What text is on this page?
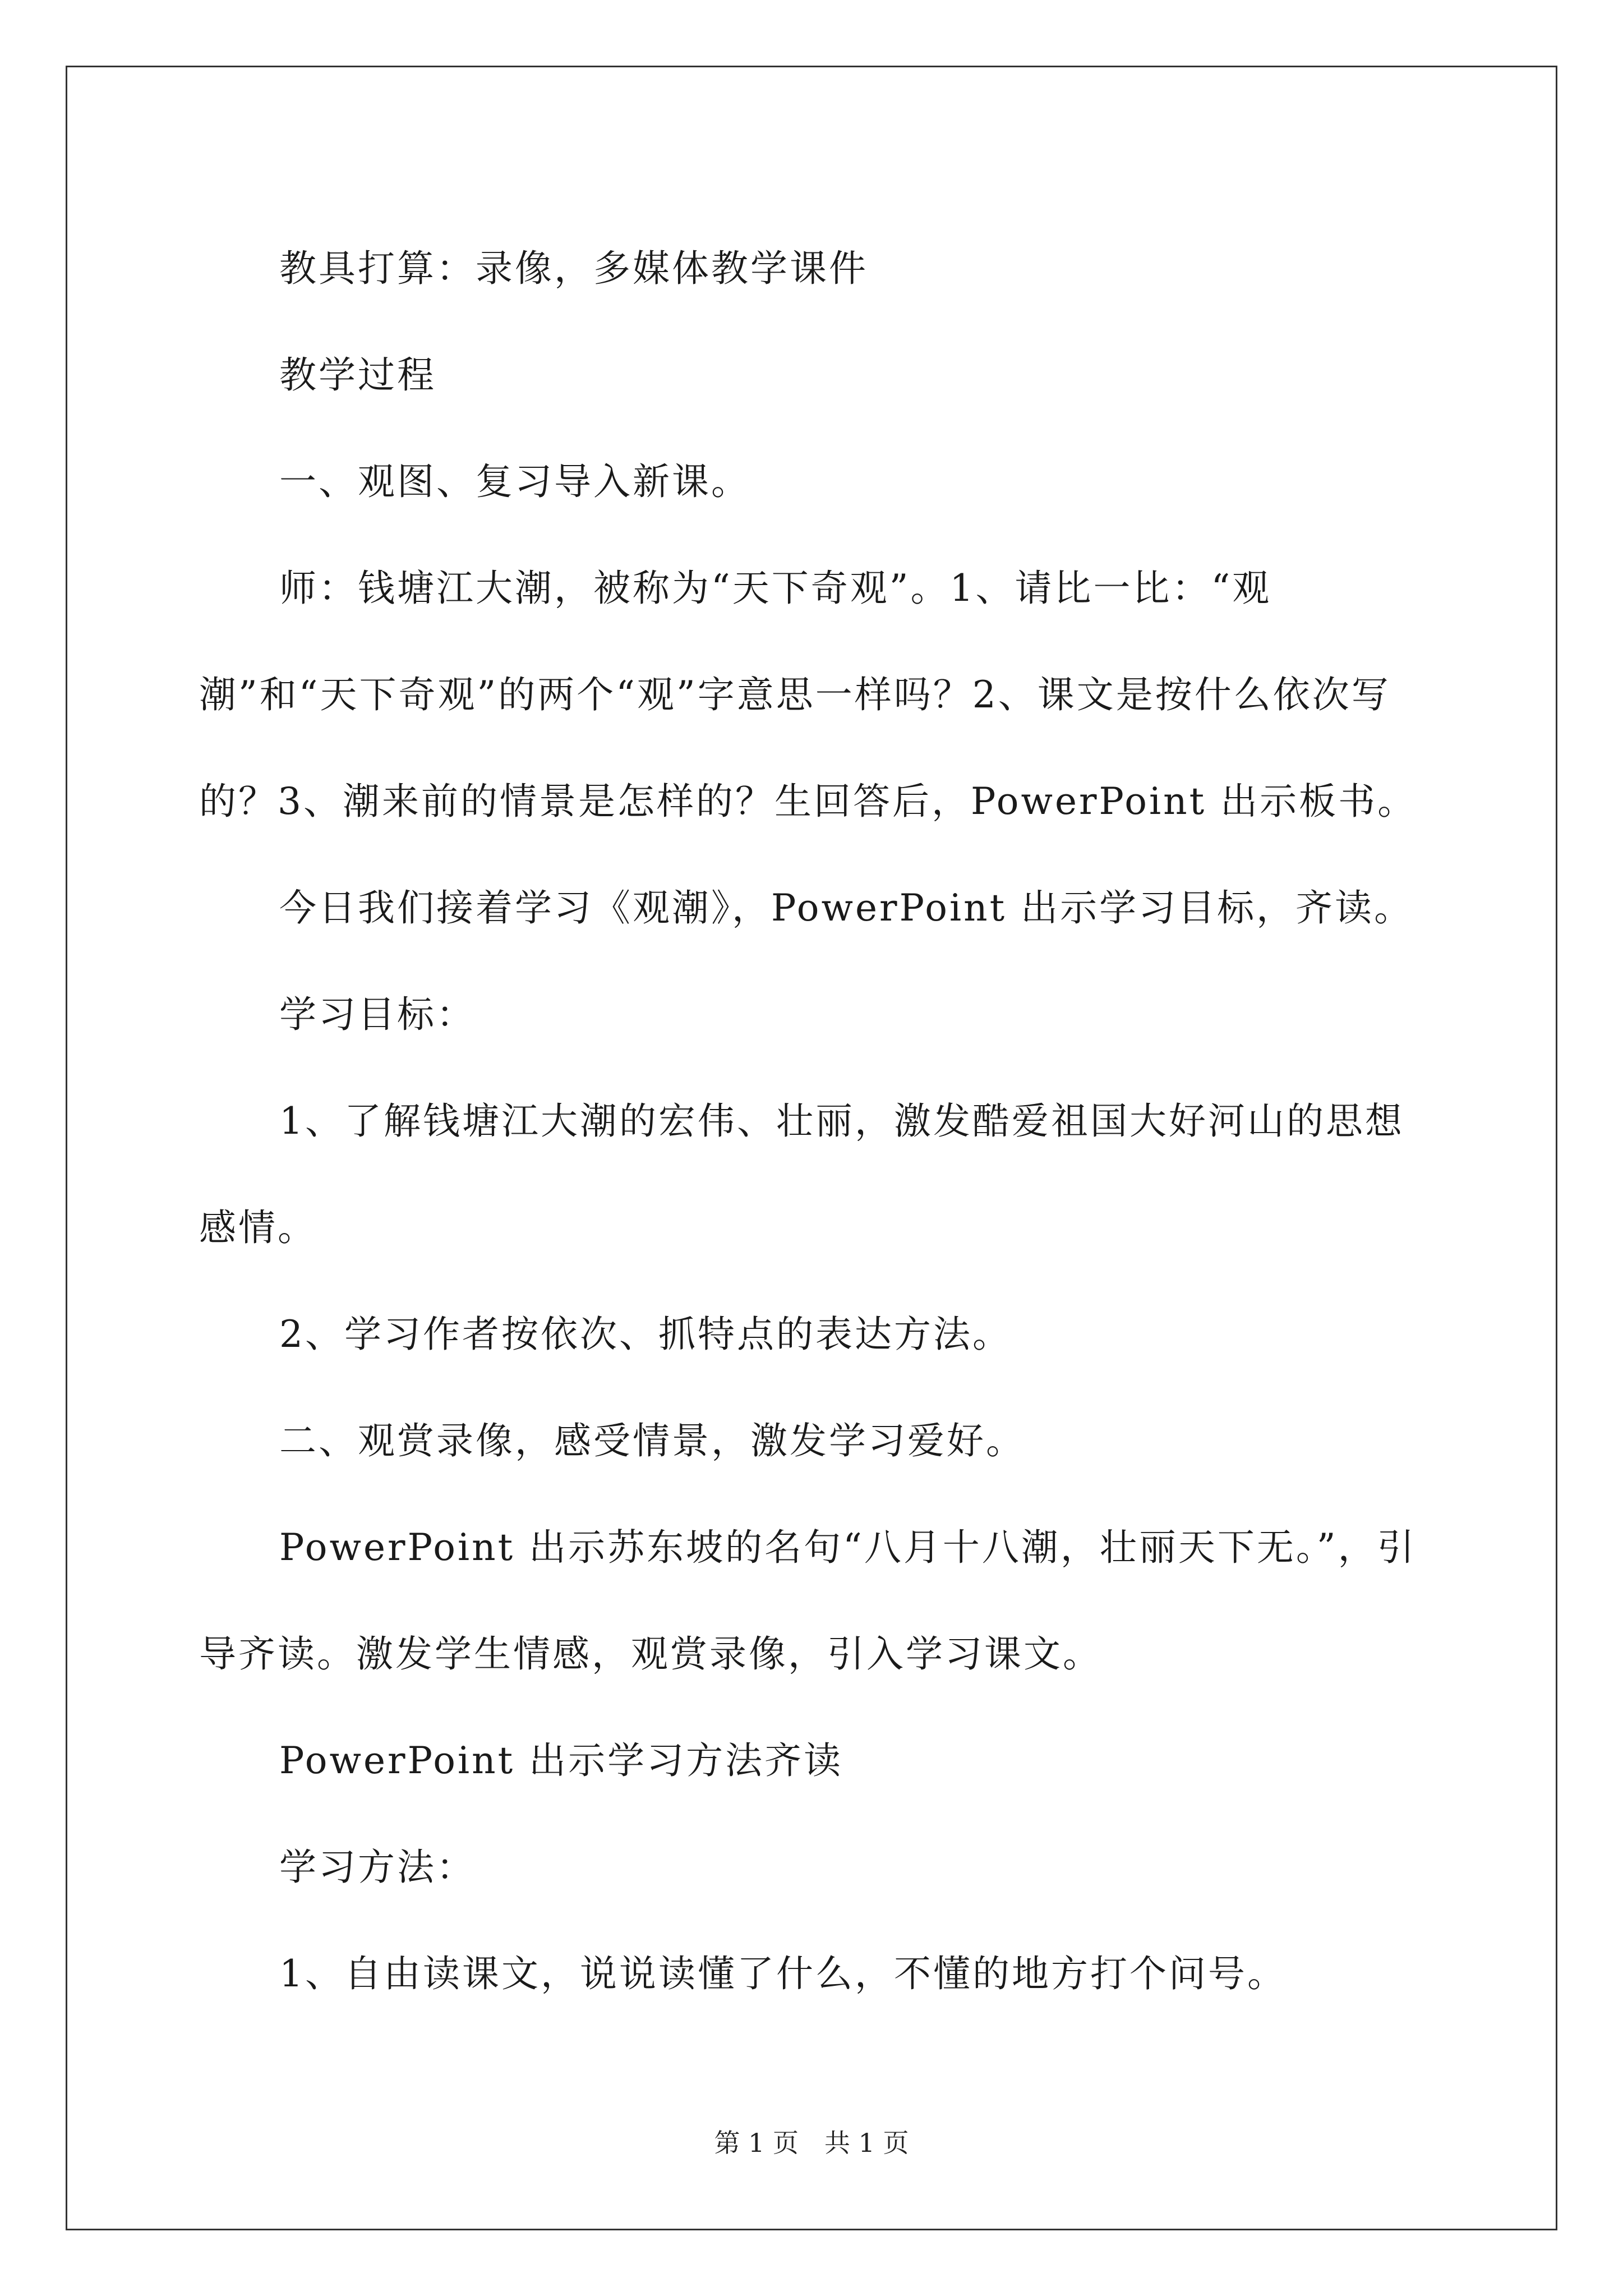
教具打算：录像，多媒体教学课件

教学过程

一、观图、复习导入新课。

师：钱塘江大潮，被称为“天下奇观”。1、请比一比：“观潮”和“天下奇观”的两个“观”字意思一样吗？2、课文是按什么依次写的？3、潮来前的情景是怎样的？生回答后，PowerPoint 出示板书。

今日我们接着学习《观潮》，PowerPoint 出示学习目标，齐读。

学习目标：

1、了解钱塘江大潮的宏伟、壮丽，激发酷爱祖国大好河山的思想感情。

2、学习作者按依次、抓特点的表达方法。

二、观赏录像，感受情景，激发学习爱好。

PowerPoint 出示苏东坡的名句“八月十八潮，壮丽天下无。”，引导齐读。激发学生情感，观赏录像，引入学习课文。

PowerPoint 出示学习方法齐读

学习方法：

1、自由读课文，说说读懂了什么，不懂的地方打个问号。

第 1 页　共 1 页
